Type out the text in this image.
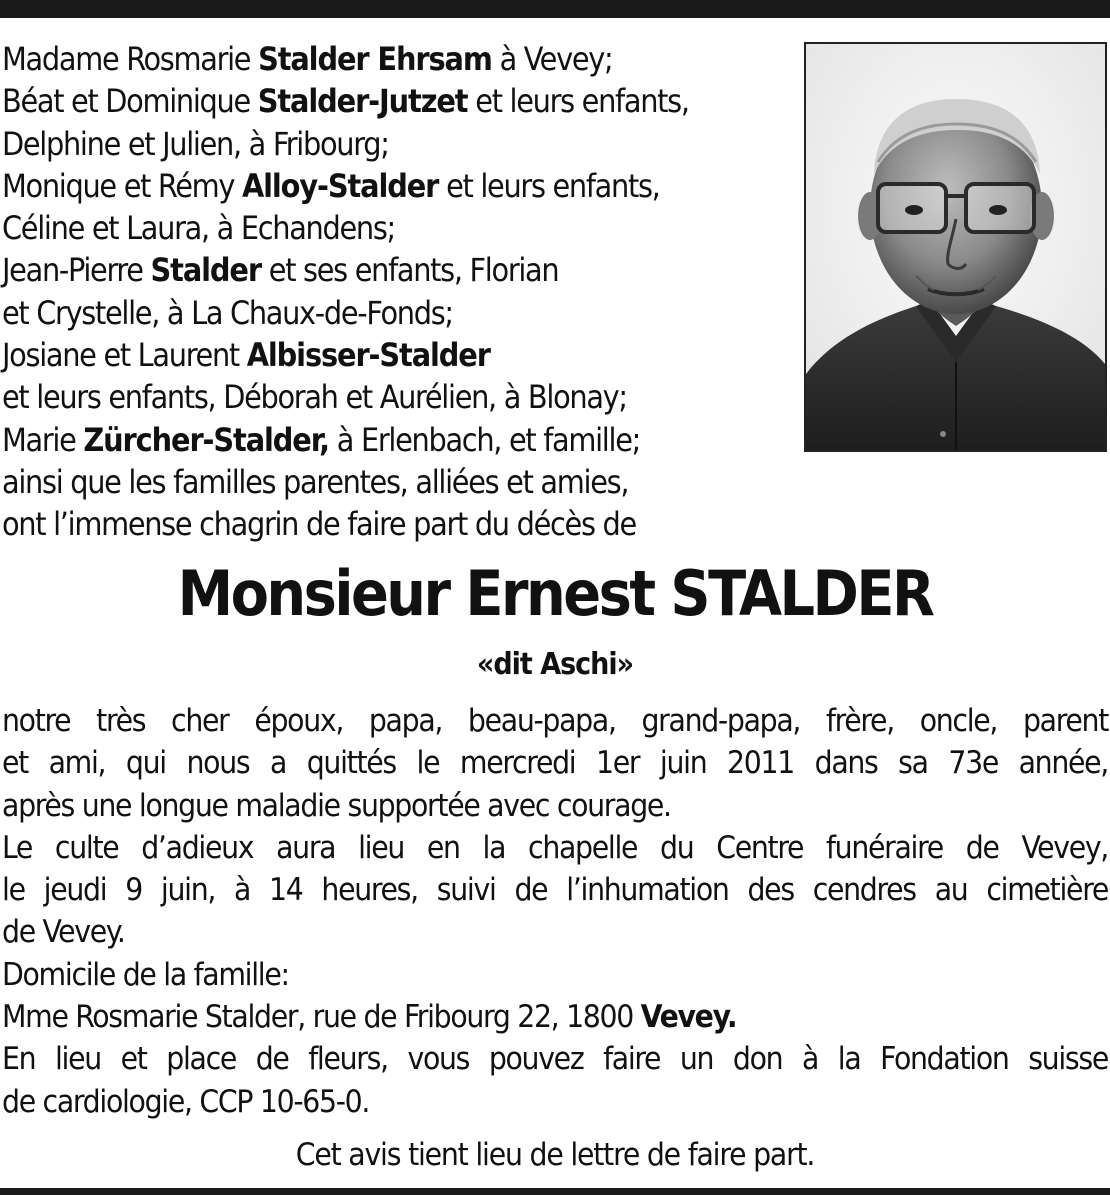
Madame Rosmarie Stalder Ehrsam à Vevey;
Béat et Dominique Stalder-Jutzet et leurs enfants,
Delphine et Julien, à Fribourg;
Monique et Rémy Alloy-Stalder et leurs enfants,
Céline et Laura, à Echandens;
Jean-Pierre Stalder et ses enfants, Florian
et Crystelle, à La Chaux-de-Fonds;
Josiane et Laurent Albisser-Stalder
et leurs enfants, Déborah et Aurélien, à Blonay;
Marie Zürcher-Stalder, à Erlenbach, et famille;
ainsi que les familles parentes, alliées et amies,
ont l’immense chagrin de faire part du décès de
Monsieur Ernest STALDER
«dit Aschi»
notre très cher époux, papa, beau-papa, grand-papa, frère, oncle, parent
et ami, qui nous a quittés le mercredi 1er juin 2011 dans sa 73e année,
après une longue maladie supportée avec courage.
Le culte d’adieux aura lieu en la chapelle du Centre funéraire de Vevey,
le jeudi 9 juin, à 14 heures, suivi de l’inhumation des cendres au cimetière
de Vevey.
Domicile de la famille:
Mme Rosmarie Stalder, rue de Fribourg 22, 1800 Vevey.
En lieu et place de fleurs, vous pouvez faire un don à la Fondation suisse
de cardiologie, CCP 10-65-0.
Cet avis tient lieu de lettre de faire part.
